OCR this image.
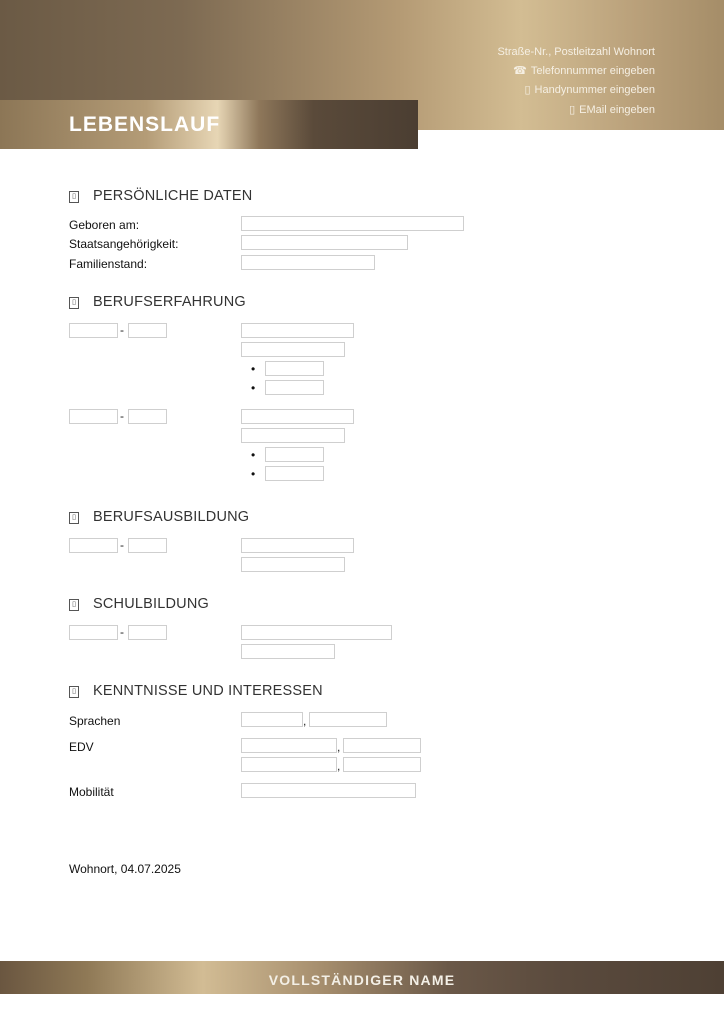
LEBENSLAUF
Straße-Nr., Postleitzahl Wohnort
☎ Telefonnummer eingeben
▯ Handynummer eingeben
▯ EMail eingeben
▯ PERSÖNLICHE DATEN
Geboren am:
Staatsangehörigkeit:
Familienstand:
▯ BERUFSERFAHRUNG
-
•
•
-
•
•
▯ BERUFSAUSBILDUNG
-
▯ SCHULBILDUNG
-
▯ KENNTNISSE UND INTERESSEN
Sprachen	,
EDV	,
,
Mobilität
Wohnort, 04.07.2025
VOLLSTÄNDIGER NAME
